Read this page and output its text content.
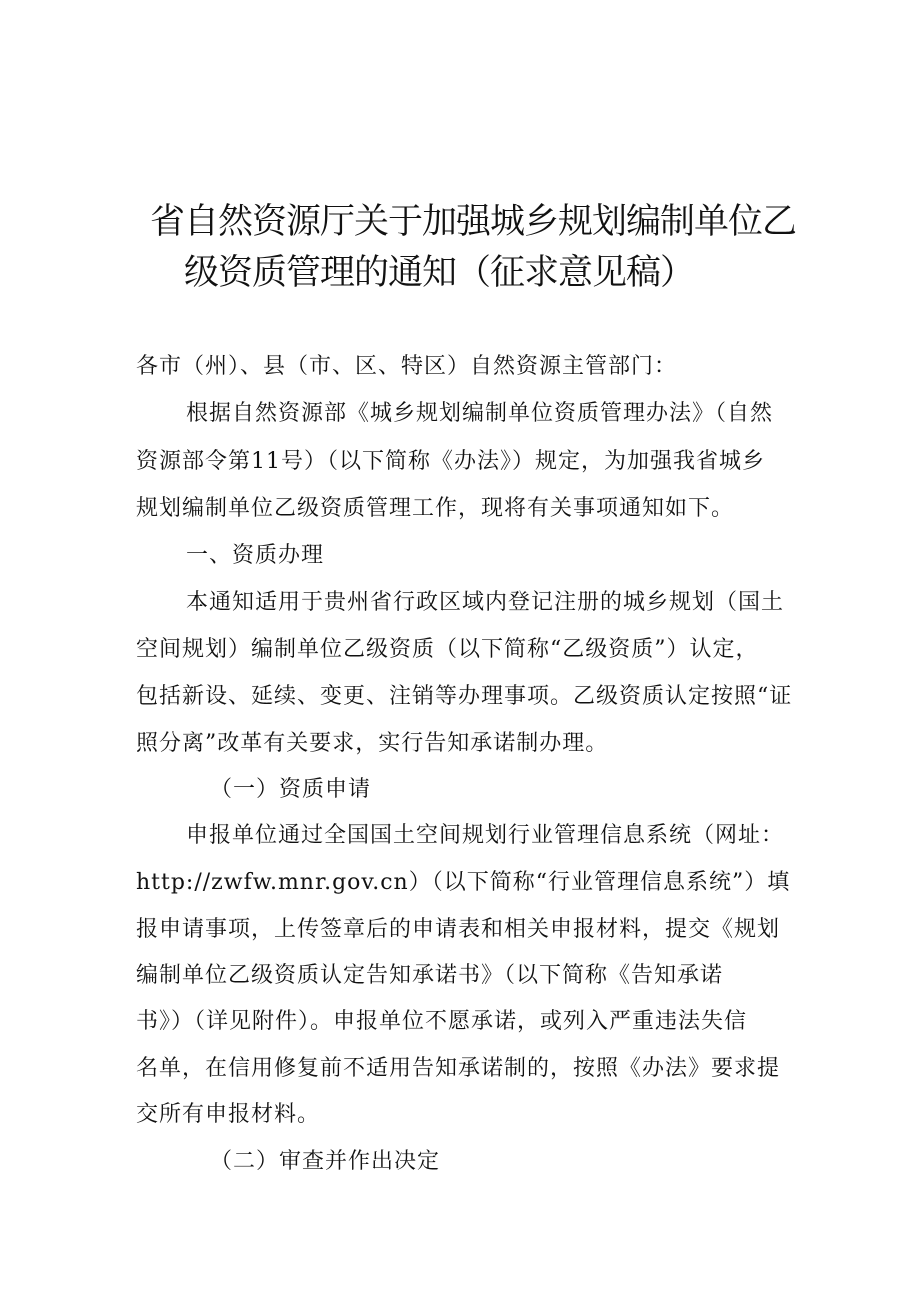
省自然资源厅关于加强城乡规划编制单位乙
级资质管理的通知（征求意见稿）
各市（州）、县（市、区、特区）自然资源主管部门：
根据自然资源部《城乡规划编制单位资质管理办法》（自然
资源部令第11号）（以下简称《办法》）规定，为加强我省城乡
规划编制单位乙级资质管理工作，现将有关事项通知如下。
一、资质办理
本通知适用于贵州省行政区域内登记注册的城乡规划（国土
空间规划）编制单位乙级资质（以下简称“乙级资质”）认定，
包括新设、延续、变更、注销等办理事项。乙级资质认定按照“证
照分离”改革有关要求，实行告知承诺制办理。
（一）资质申请
申报单位通过全国国土空间规划行业管理信息系统（网址：
http://zwfw.mnr.gov.cn）（以下简称“行业管理信息系统”）填
报申请事项，上传签章后的申请表和相关申报材料，提交《规划
编制单位乙级资质认定告知承诺书》（以下简称《告知承诺
书》）（详见附件）。申报单位不愿承诺，或列入严重违法失信
名单，在信用修复前不适用告知承诺制的，按照《办法》要求提
交所有申报材料。
（二）审查并作出决定
